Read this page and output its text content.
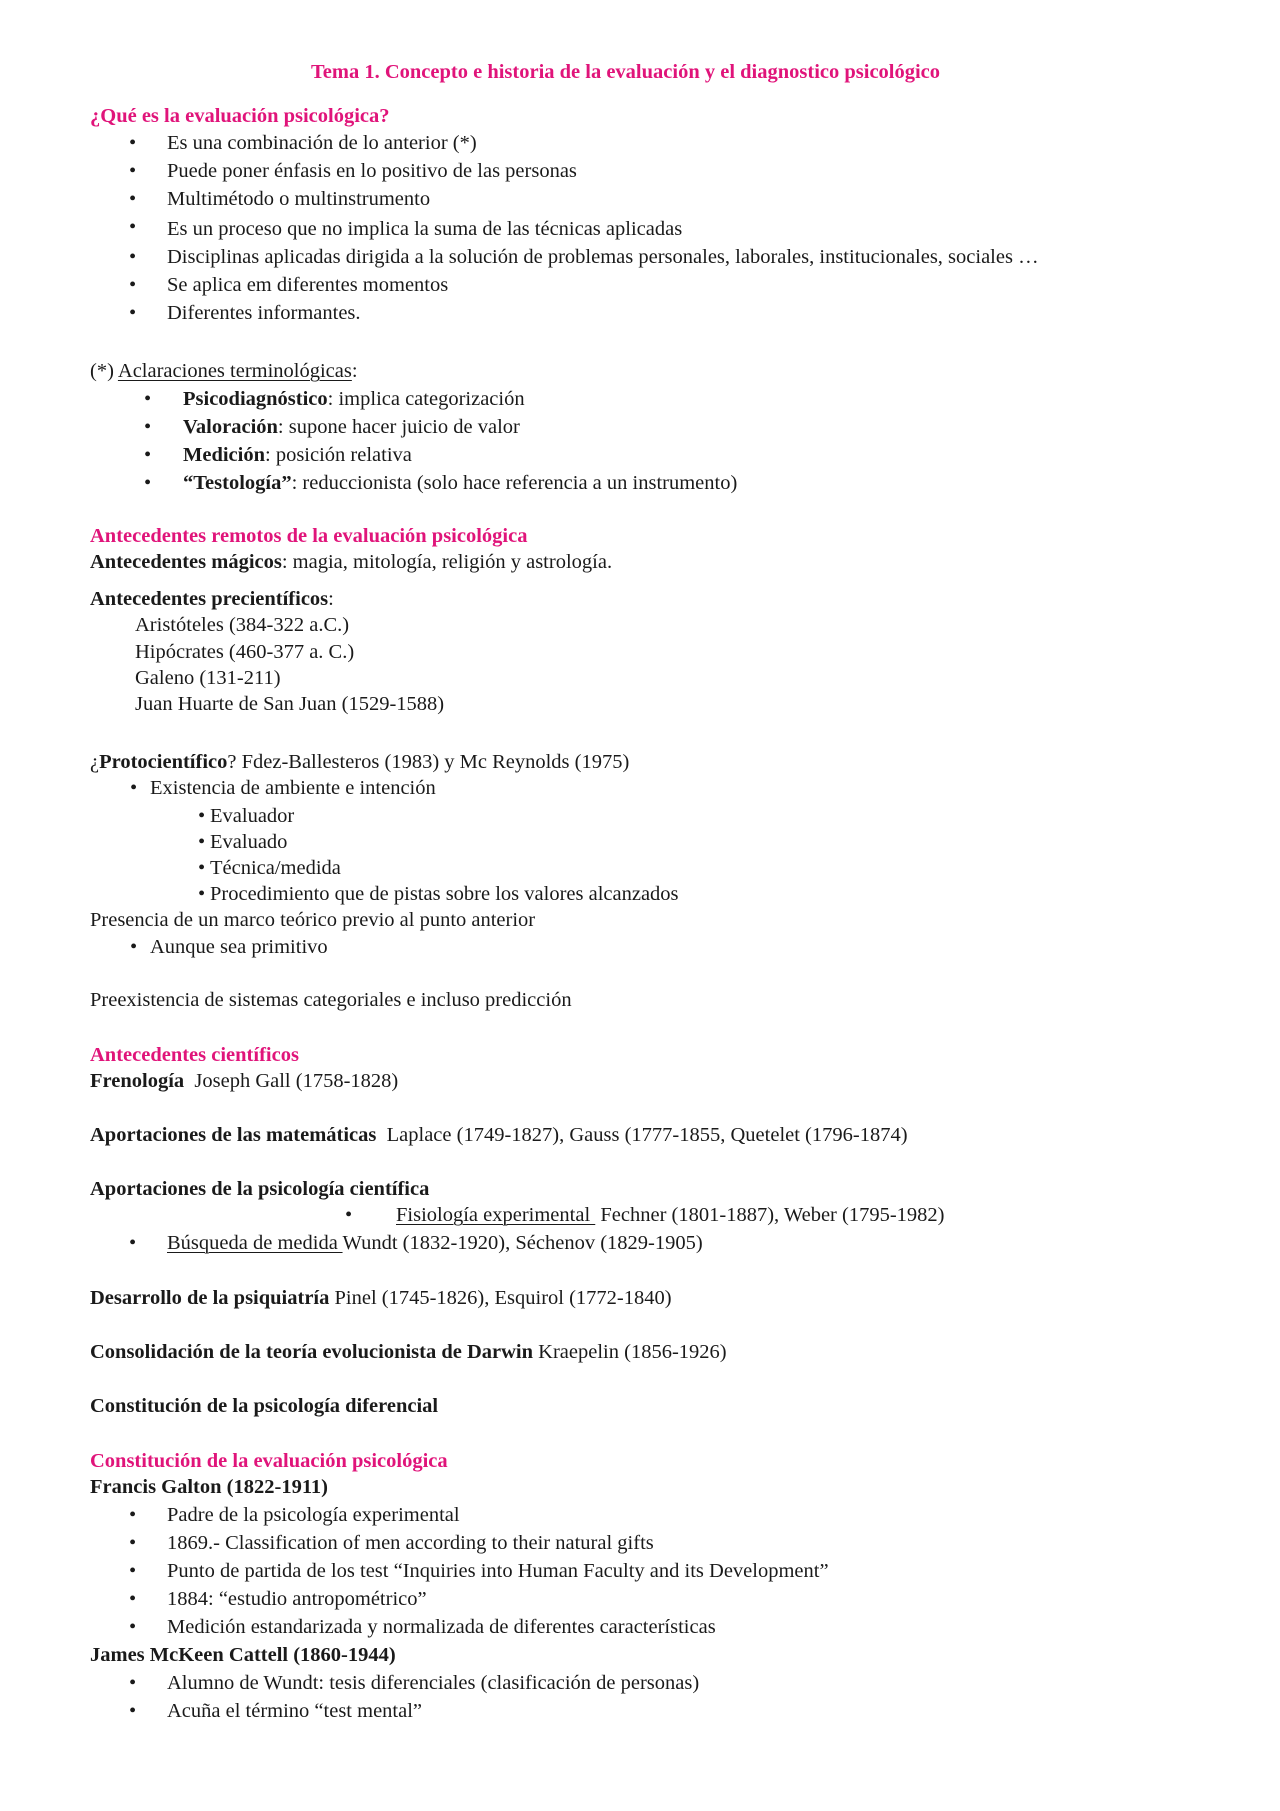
Tema 1. Concepto e historia de la evaluación y el diagnostico psicológico
¿Qué es la evaluación psicológica?
• Es una combinación de lo anterior (*)
• Puede poner énfasis en lo positivo de las personas
• Multimétodo o multinstrumento
• Es un proceso que no implica la suma de las técnicas aplicadas
• Disciplinas aplicadas dirigida a la solución de problemas personales, laborales, institucionales, sociales …
• Se aplica em diferentes momentos
• Diferentes informantes.
(*) Aclaraciones terminológicas:
• Psicodiagnóstico: implica categorización
• Valoración: supone hacer juicio de valor
• Medición: posición relativa
• “Testología”: reduccionista (solo hace referencia a un instrumento)
Antecedentes remotos de la evaluación psicológica
Antecedentes mágicos: magia, mitología, religión y astrología.
Antecedentes precientíficos:
Aristóteles (384-322 a.C.)
Hipócrates (460-377 a. C.)
Galeno (131-211)
Juan Huarte de San Juan (1529-1588)
¿Protocientífico? Fdez-Ballesteros (1983) y Mc Reynolds (1975)
• Existencia de ambiente e intención
• Evaluador
• Evaluado
• Técnica/medida
• Procedimiento que de pistas sobre los valores alcanzados
Presencia de un marco teórico previo al punto anterior
• Aunque sea primitivo
Preexistencia de sistemas categoriales e incluso predicción
Antecedentes científicos
Frenología  Joseph Gall (1758-1828)
Aportaciones de las matemáticas  Laplace (1749-1827), Gauss (1777-1855, Quetelet (1796-1874)
Aportaciones de la psicología científica
• Fisiología experimental  Fechner (1801-1887), Weber (1795-1982)
• Búsqueda de medida Wundt (1832-1920), Séchenov (1829-1905)
Desarrollo de la psiquiatría Pinel (1745-1826), Esquirol (1772-1840)
Consolidación de la teoría evolucionista de Darwin Kraepelin (1856-1926)
Constitución de la psicología diferencial
Constitución de la evaluación psicológica
Francis Galton (1822-1911)
• Padre de la psicología experimental
• 1869.- Classification of men according to their natural gifts
• Punto de partida de los test “Inquiries into Human Faculty and its Development”
• 1884: “estudio antropométrico”
• Medición estandarizada y normalizada de diferentes características
James McKeen Cattell (1860-1944)
• Alumno de Wundt: tesis diferenciales (clasificación de personas)
• Acuña el término “test mental”
